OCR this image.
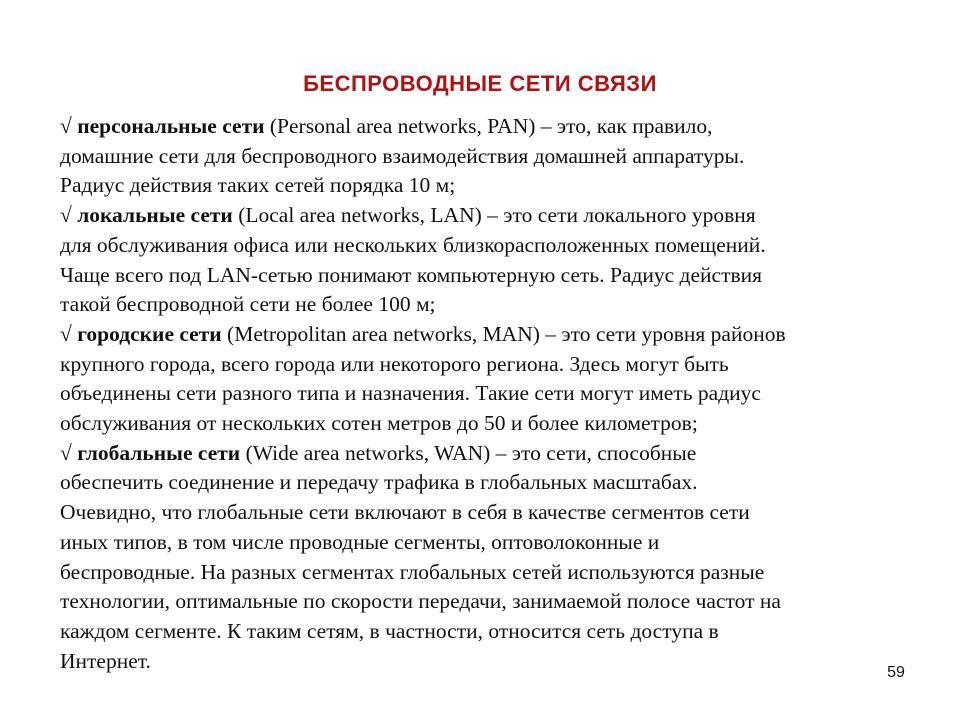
БЕСПРОВОДНЫЕ СЕТИ СВЯЗИ
√ персональные сети (Personal area networks, PAN) – это, как правило,
домашние сети для беспроводного взаимодействия домашней аппаратуры.
Радиус действия таких сетей порядка 10 м;
√ локальные сети (Local area networks, LAN) – это сети локального уровня
для обслуживания офиса или нескольких близкорасположенных помещений.
Чаще всего под LAN-сетью понимают компьютерную сеть. Радиус действия
такой беспроводной сети не более 100 м;
√ городские сети (Metropolitan area networks, MAN) – это сети уровня районов
крупного города, всего города или некоторого региона. Здесь могут быть
объединены сети разного типа и назначения. Такие сети могут иметь радиус
обслуживания от нескольких сотен метров до 50 и более километров;
√ глобальные сети (Wide area networks, WAN) – это сети, способные
обеспечить соединение и передачу трафика в глобальных масштабах.
Очевидно, что глобальные сети включают в себя в качестве сегментов сети
иных типов, в том числе проводные сегменты, оптоволоконные и
беспроводные. На разных сегментах глобальных сетей используются разные
технологии, оптимальные по скорости передачи, занимаемой полосе частот на
каждом сегменте. К таким сетям, в частности, относится сеть доступа в
Интернет.	59
